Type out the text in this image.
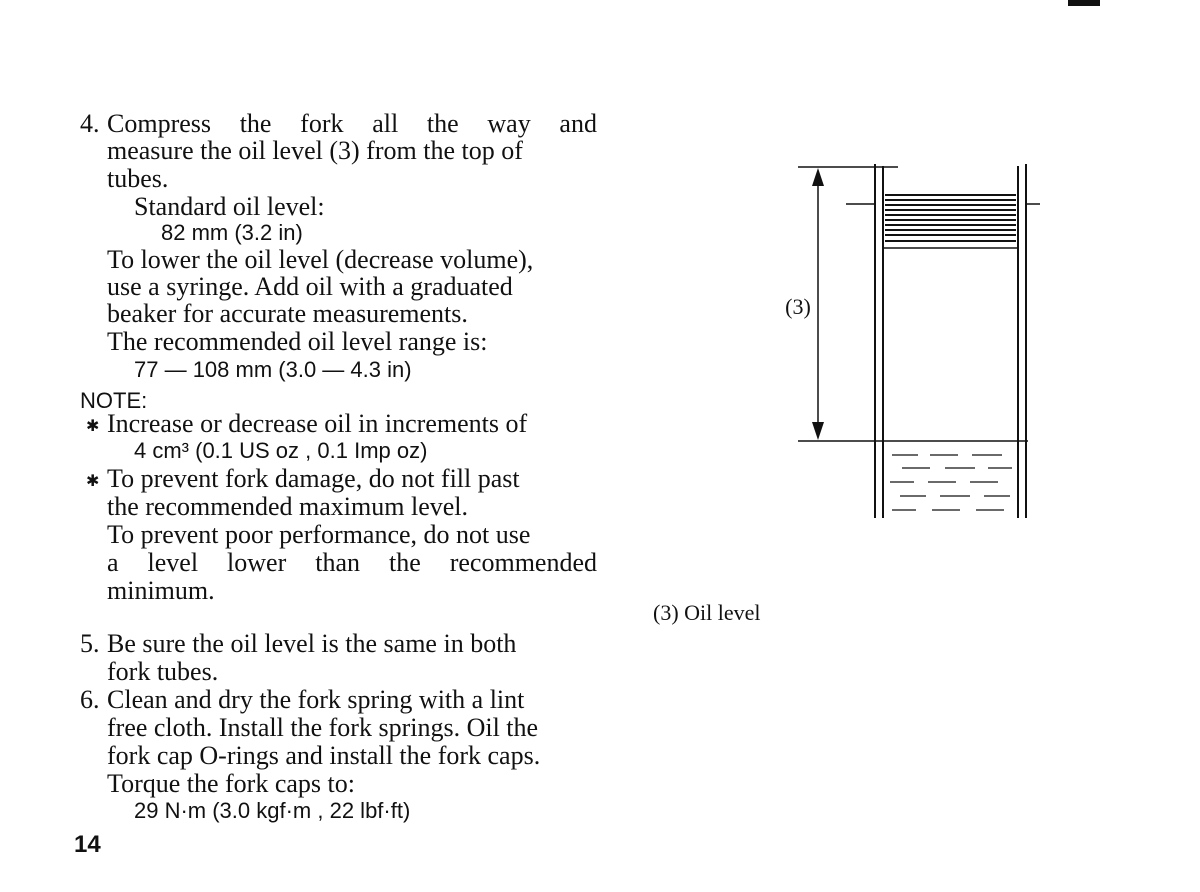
4. Compress the fork all the way and
measure the oil level (3) from the top of
tubes.
Standard oil level:
82 mm (3.2 in)
To lower the oil level (decrease volume),
use a syringe. Add oil with a graduated
beaker for accurate measurements.
The recommended oil level range is:
77 — 108 mm (3.0 — 4.3 in)
NOTE:
✱ Increase or decrease oil in increments of
4 cm³ (0.1 US oz , 0.1 Imp oz)
✱ To prevent fork damage, do not fill past
the recommended maximum level.
To prevent poor performance, do not use
a level lower than the recommended
minimum.
5. Be sure the oil level is the same in both
fork tubes.
6. Clean and dry the fork spring with a lint
free cloth. Install the fork springs. Oil the
fork cap O-rings and install the fork caps.
Torque the fork caps to:
29 N·m (3.0 kgf·m , 22 lbf·ft)
14
(3)
(3) Oil level
